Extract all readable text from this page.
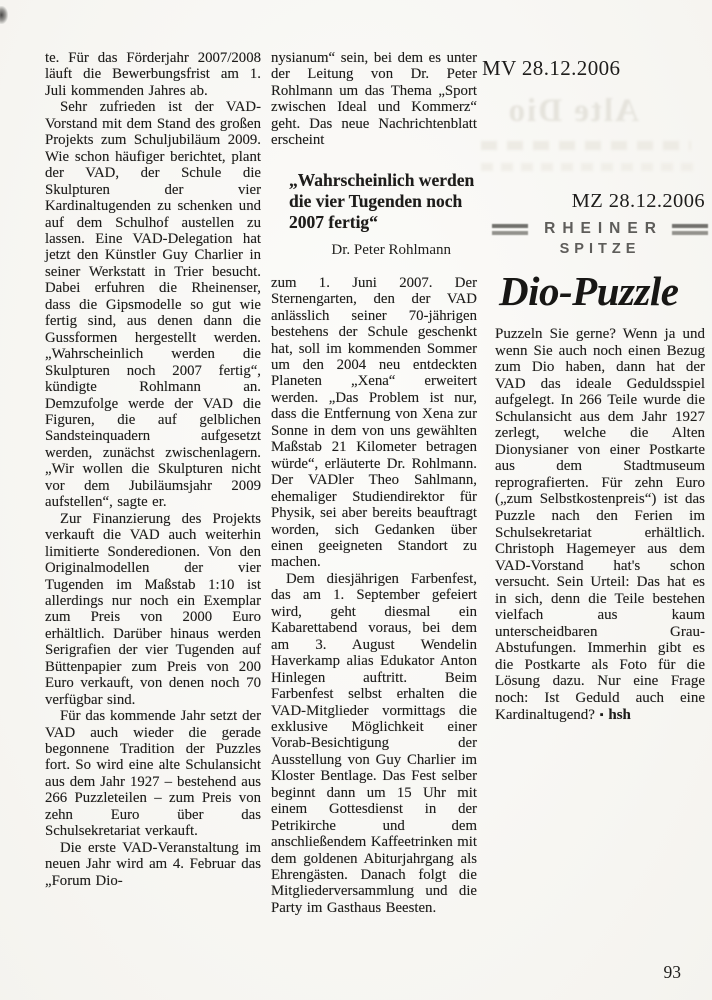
te. Für das Förderjahr 2007/2008 läuft die Bewerbungsfrist am 1. Juli kommenden Jahres ab.

Sehr zufrieden ist der VAD-Vorstand mit dem Stand des großen Projekts zum Schuljubiläum 2009. Wie schon häufiger berichtet, plant der VAD, der Schule die Skulpturen der vier Kardinaltugenden zu schenken und auf dem Schulhof austellen zu lassen. Eine VAD-Delegation hat jetzt den Künstler Guy Charlier in seiner Werkstatt in Trier besucht. Dabei erfuhren die Rheinenser, dass die Gipsmodelle so gut wie fertig sind, aus denen dann die Gussformen hergestellt werden. „Wahrscheinlich werden die Skulpturen noch 2007 fertig“, kündigte Rohlmann an. Demzufolge werde der VAD die Figuren, die auf gelblichen Sandsteinquadern aufgesetzt werden, zunächst zwischenlagern. „Wir wollen die Skulpturen nicht vor dem Jubiläumsjahr 2009 aufstellen“, sagte er.

Zur Finanzierung des Projekts verkauft die VAD auch weiterhin limitierte Sonderedionen. Von den Originalmodellen der vier Tugenden im Maßstab 1:10 ist allerdings nur noch ein Exemplar zum Preis von 2000 Euro erhältlich. Darüber hinaus werden Serigrafien der vier Tugenden auf Büttenpapier zum Preis von 200 Euro verkauft, von denen noch 70 verfügbar sind.

Für das kommende Jahr setzt der VAD auch wieder die gerade begonnene Tradition der Puzzles fort. So wird eine alte Schulansicht aus dem Jahr 1927 – bestehend aus 266 Puzzleteilen – zum Preis von zehn Euro über das Schulsekretariat verkauft.

Die erste VAD-Veranstaltung im neuen Jahr wird am 4. Februar das „Forum Dio-

nysianum“ sein, bei dem es unter der Leitung von Dr. Peter Rohlmann um das Thema „Sport zwischen Ideal und Kommerz“ geht. Das neue Nachrichtenblatt erscheint

„Wahrscheinlich werden die vier Tugenden noch 2007 fertig“

Dr. Peter Rohlmann

zum 1. Juni 2007. Der Sternengarten, den der VAD anlässlich seiner 70-jährigen bestehens der Schule geschenkt hat, soll im kommenden Sommer um den 2004 neu entdeckten Planeten „Xena“ erweitert werden. „Das Problem ist nur, dass die Entfernung von Xena zur Sonne in dem von uns gewählten Maßstab 21 Kilometer betragen würde“, erläuterte Dr. Rohlmann. Der VADler Theo Sahlmann, ehemaliger Studiendirektor für Physik, sei aber bereits beauftragt worden, sich Gedanken über einen geeigneten Standort zu machen.

Dem diesjährigen Farbenfest, das am 1. September gefeiert wird, geht diesmal ein Kabarettabend voraus, bei dem am 3. August Wendelin Haverkamp alias Edukator Anton Hinlegen auftritt. Beim Farbenfest selbst erhalten die VAD-Mitglieder vormittags die exklusive Möglichkeit einer Vorab-Besichtigung der Ausstellung von Guy Charlier im Kloster Bentlage. Das Fest selber beginnt dann um 15 Uhr mit einem Gottesdienst in der Petrikirche und dem anschließendem Kaffeetrinken mit dem goldenen Abiturjahrgang als Ehrengästen. Danach folgt die Mitgliederversammlung und die Party im Gasthaus Beesten.

MV 28.12.2006
Alte Dio
MZ 28.12.2006
RHEINER
SPITZE
Dio-Puzzle

Puzzeln Sie gerne? Wenn ja und wenn Sie auch noch einen Bezug zum Dio haben, dann hat der VAD das ideale Geduldsspiel aufgelegt. In 266 Teile wurde die Schulansicht aus dem Jahr 1927 zerlegt, welche die Alten Dionysianer von einer Postkarte aus dem Stadtmuseum reprografierten. Für zehn Euro („zum Selbstkostenpreis“) ist das Puzzle nach den Ferien im Schulsekretariat erhältlich. Christoph Hagemeyer aus dem VAD-Vorstand hat's schon versucht. Sein Urteil: Das hat es in sich, denn die Teile bestehen vielfach aus kaum unterscheidbaren Grau-Abstufungen. Immerhin gibt es die Postkarte als Foto für die Lösung dazu. Nur eine Frage noch: Ist Geduld auch eine Kardinaltugend? ▪ hsh

93
